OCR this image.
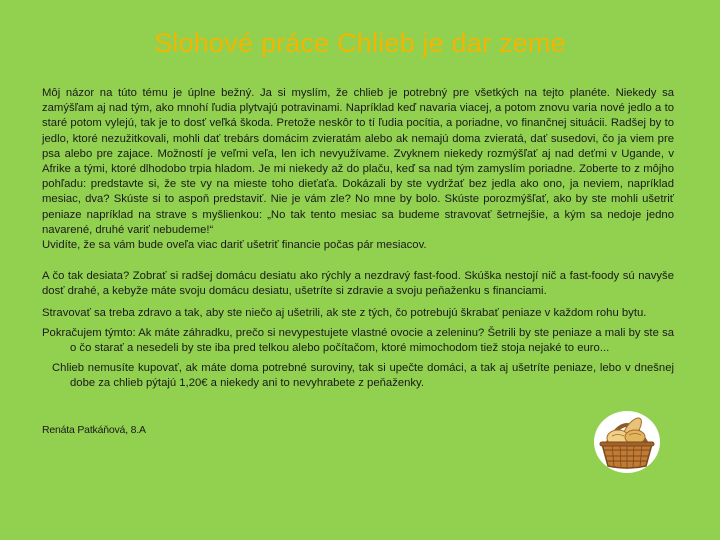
Slohové práce Chlieb je dar zeme

Môj názor na túto tému je úplne bežný. Ja si myslím, že chlieb je potrebný pre všetkých na tejto planéte. Niekedy sa zamýšľam aj nad tým, ako mnohí ľudia plytvajú potravinami. Napríklad keď navaria viacej, a potom znovu varia nové jedlo a to staré potom vylejú, tak je to dosť veľká škoda. Pretože neskôr to tí ľudia pocítia, a poriadne, vo finančnej situácii. Radšej by to jedlo, ktoré nezužitkovali, mohli dať trebárs domácim zvieratám alebo ak nemajú doma zvieratá, dať susedovi, čo ja viem pre psa alebo pre zajace. Možností je veľmi veľa, len ich nevyužívame. Zvyknem niekedy rozmýšľať aj nad deťmi v Ugande, v Afrike a tými, ktoré dlhodobo trpia hladom. Je mi niekedy až do plaču, keď sa nad tým zamyslím poriadne. Zoberte to z môjho pohľadu: predstavte si, že ste vy na mieste toho dieťaťa. Dokázali by ste vydržať bez jedla ako ono, ja neviem, napríklad mesiac, dva? Skúste si to aspoň predstaviť. Nie je vám zle? No mne by bolo. Skúste porozmýšľať, ako by ste mohli ušetriť peniaze napríklad na strave s myšlienkou: „No tak tento mesiac sa budeme stravovať šetrnejšie, a kým sa nedoje jedno navarené, druhé variť nebudeme!“

Uvidíte, že sa vám bude oveľa viac dariť ušetriť financie počas pár mesiacov.

A čo tak desiata? Zobrať si radšej domácu desiatu ako rýchly a nezdravý fast-food. Skúška nestojí nič a fast-foody sú navyše dosť drahé, a kebyže máte svoju domácu desiatu, ušetríte si zdravie a svoju peňaženku s financiami.

Stravovať sa treba zdravo a tak, aby ste niečo aj ušetrili, ak ste z tých, čo potrebujú škrabať peniaze v každom rohu bytu.

Pokračujem týmto: Ak máte záhradku, prečo si nevypestujete vlastné ovocie a zeleninu? Šetrili by ste peniaze a mali by ste sa o čo starať a nesedeli by ste iba pred telkou alebo počítačom, ktoré mimochodom tiež stoja nejaké to euro...

Chlieb nemusíte kupovať, ak máte doma potrebné suroviny, tak si upečte domáci, a tak aj ušetríte peniaze, lebo v dnešnej dobe za chlieb pýtajú 1,20€ a niekedy ani to nevyhrabete z peňaženky.

Renáta Patkáňová, 8.A
